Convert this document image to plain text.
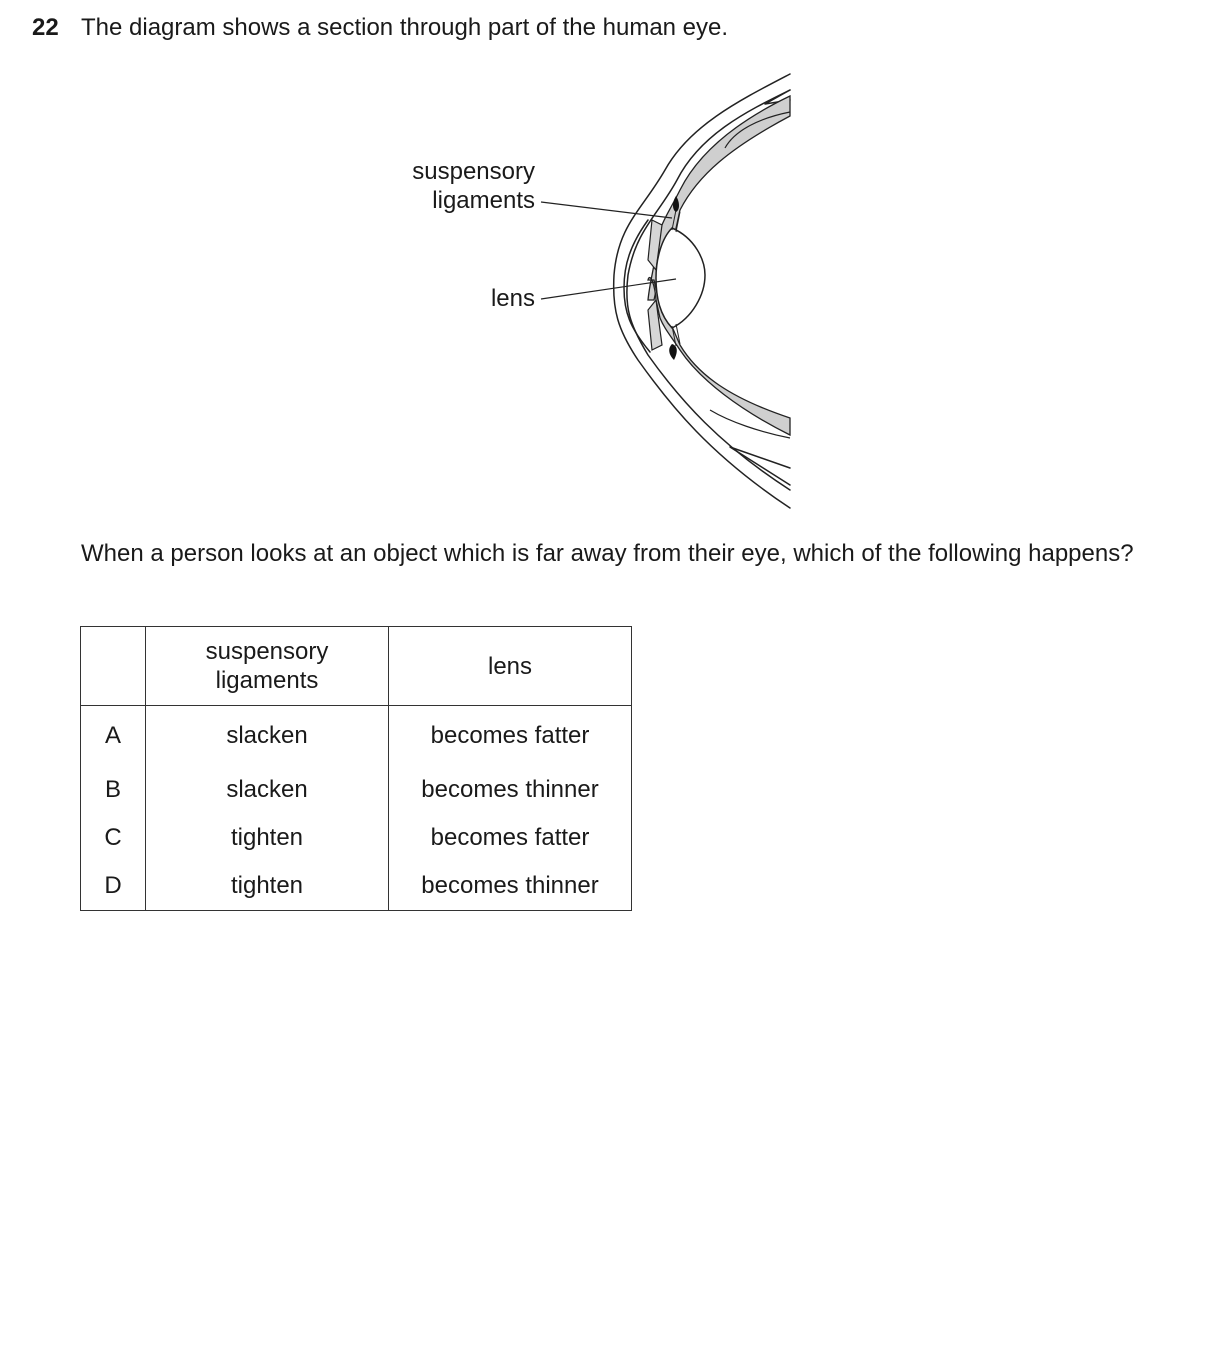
22 The diagram shows a section through part of the human eye.
suspensory
ligaments
lens
When a person looks at an object which is far away from their eye, which of the following happens?

	suspensory
ligaments	lens
A	slacken	becomes fatter
B	slacken	becomes thinner
C	tighten	becomes fatter
D	tighten	becomes thinner
